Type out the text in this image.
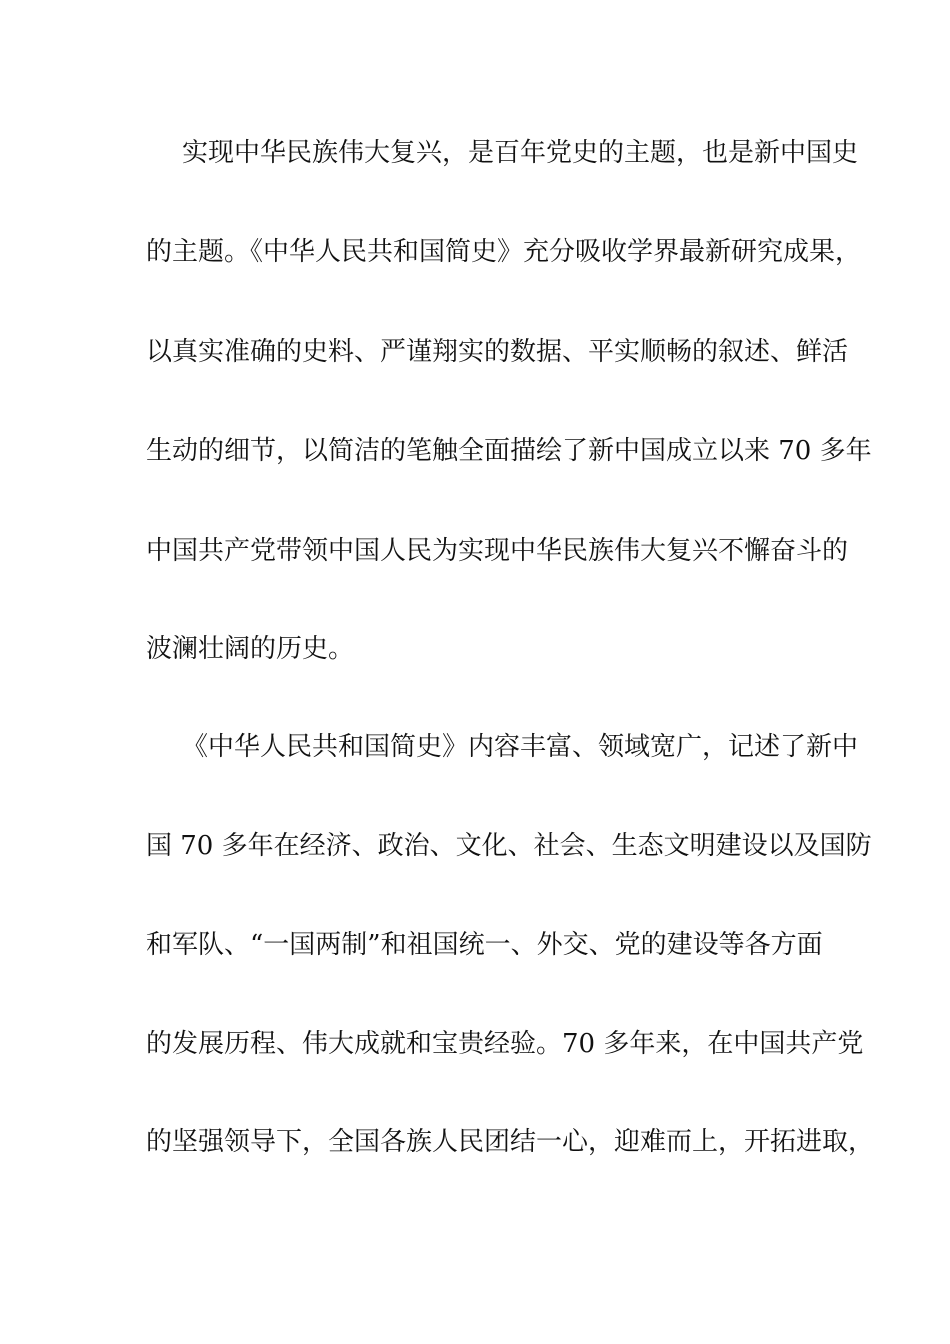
实现中华民族伟大复兴，是百年党史的主题，也是新中国史
的主题。《中华人民共和国简史》充分吸收学界最新研究成果，
以真实准确的史料、严谨翔实的数据、平实顺畅的叙述、鲜活
生动的细节，以简洁的笔触全面描绘了新中国成立以来 70 多年
中国共产党带领中国人民为实现中华民族伟大复兴不懈奋斗的
波澜壮阔的历史。
《中华人民共和国简史》内容丰富、领域宽广，记述了新中
国 70 多年在经济、政治、文化、社会、生态文明建设以及国防
和军队、“一国两制”和祖国统一、外交、党的建设等各方面
的发展历程、伟大成就和宝贵经验。70 多年来，在中国共产党
的坚强领导下，全国各族人民团结一心，迎难而上，开拓进取，
